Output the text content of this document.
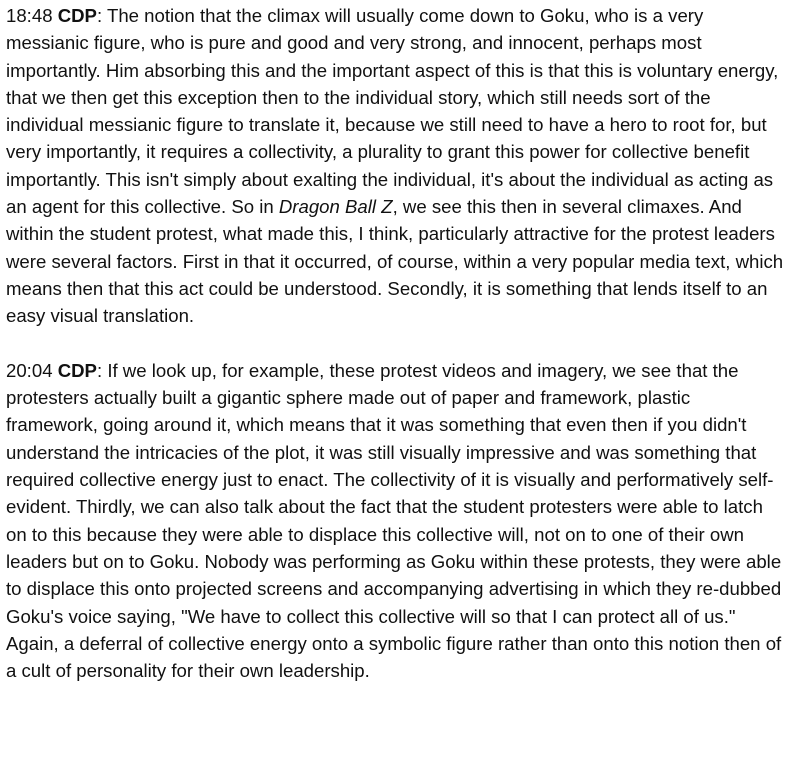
18:48 CDP: The notion that the climax will usually come down to Goku, who is a very messianic figure, who is pure and good and very strong, and innocent, perhaps most importantly. Him absorbing this and the important aspect of this is that this is voluntary energy, that we then get this exception then to the individual story, which still needs sort of the individual messianic figure to translate it, because we still need to have a hero to root for, but very importantly, it requires a collectivity, a plurality to grant this power for collective benefit importantly. This isn't simply about exalting the individual, it's about the individual as acting as an agent for this collective. So in Dragon Ball Z, we see this then in several climaxes. And within the student protest, what made this, I think, particularly attractive for the protest leaders were several factors. First in that it occurred, of course, within a very popular media text, which means then that this act could be understood. Secondly, it is something that lends itself to an easy visual translation.

20:04 CDP: If we look up, for example, these protest videos and imagery, we see that the protesters actually built a gigantic sphere made out of paper and framework, plastic framework, going around it, which means that it was something that even then if you didn't understand the intricacies of the plot, it was still visually impressive and was something that required collective energy just to enact. The collectivity of it is visually and performatively self-evident. Thirdly, we can also talk about the fact that the student protesters were able to latch on to this because they were able to displace this collective will, not on to one of their own leaders but on to Goku. Nobody was performing as Goku within these protests, they were able to displace this onto projected screens and accompanying advertising in which they re-dubbed Goku's voice saying, "We have to collect this collective will so that I can protect all of us." Again, a deferral of collective energy onto a symbolic figure rather than onto this notion then of a cult of personality for their own leadership.
